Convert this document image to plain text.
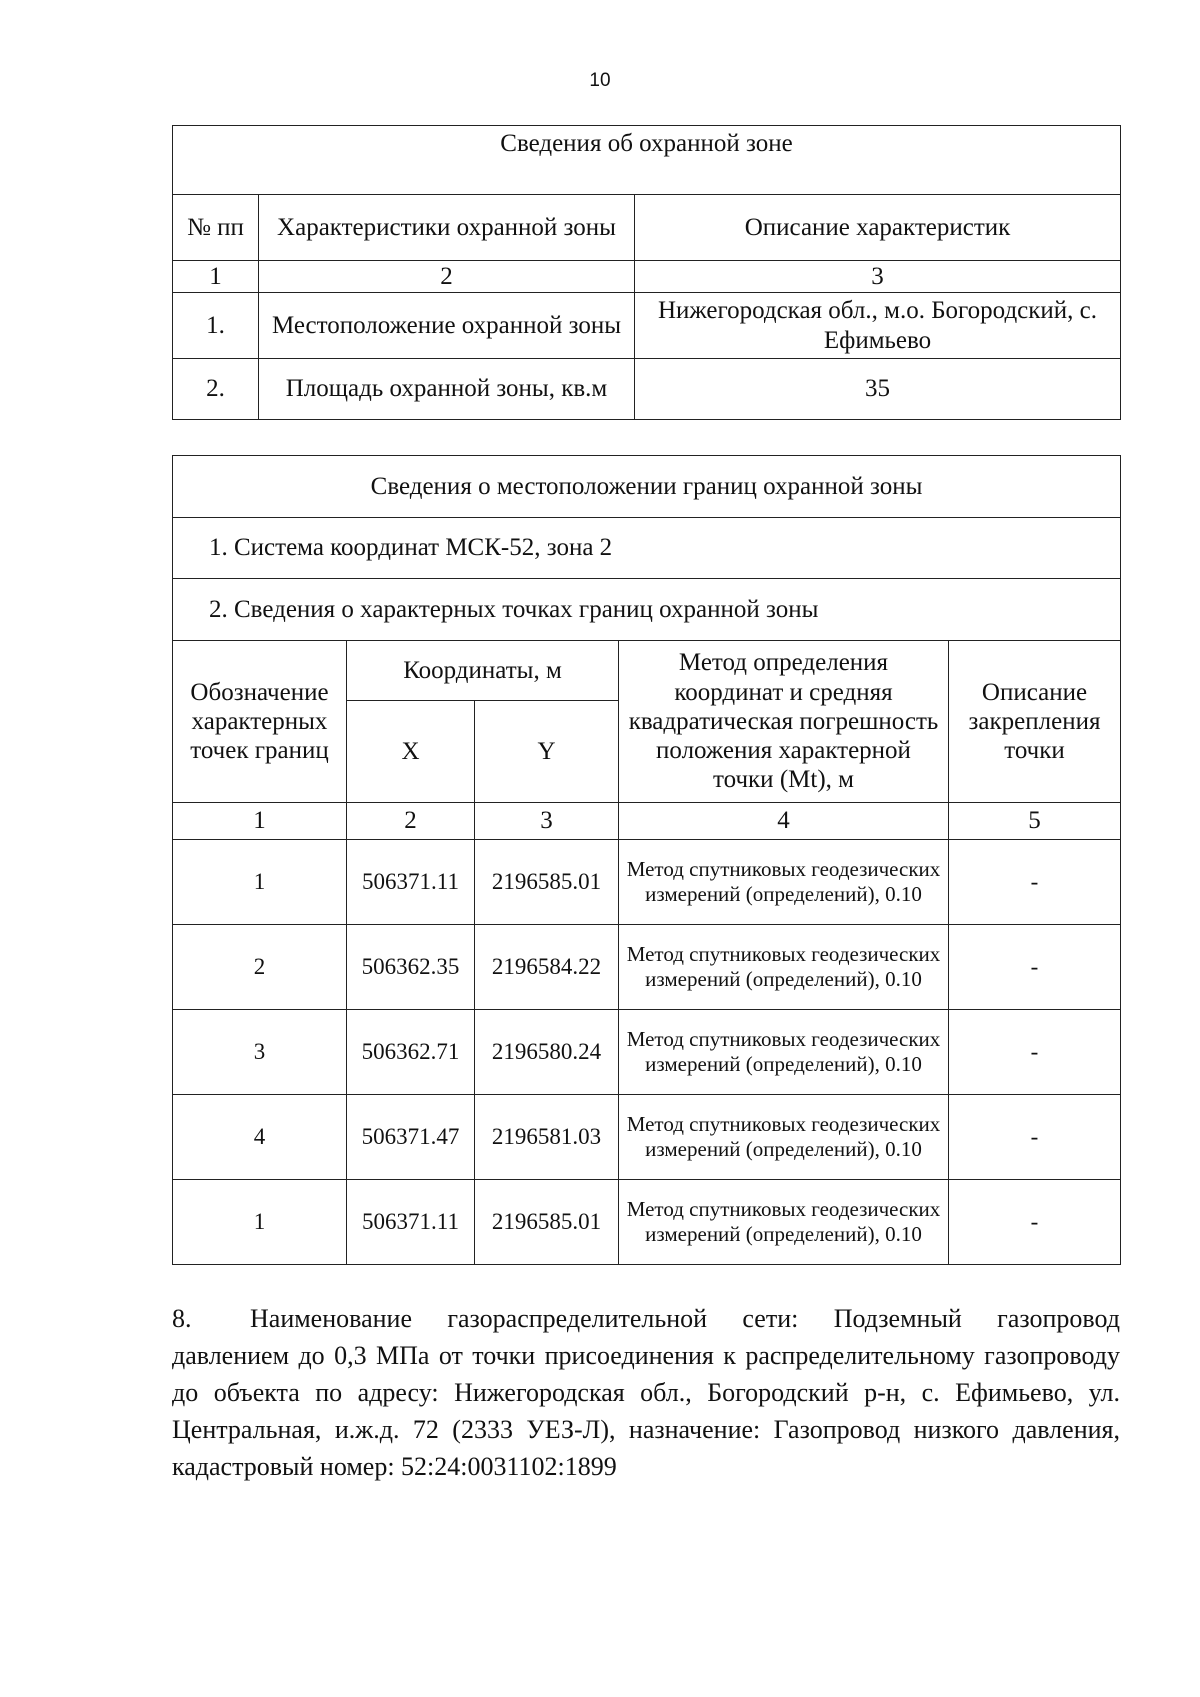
10
Сведения об охранной зоне		
№ пп	Характеристики охранной зоны	Описание характеристик
1	2	3
1.	Местоположение охранной зоны	Нижегородская обл., м.о. Богородский, с. Ефимьево
2.	Площадь охранной зоны, кв.м	35
Сведения о местоположении границ охранной зоны				
1. Система координат МСК-52, зона 2				
2. Сведения о характерных точках границ охранной зоны				
Обозначение характерных точек границ	Координаты, м		Метод определения координат и средняя квадратическая погрешность положения характерной точки (Mt), м	Описание закрепления точки
	X	Y		
1	2	3	4	5
1	506371.11	2196585.01	Метод спутниковых геодезических измерений (определений), 0.10	-
2	506362.35	2196584.22	Метод спутниковых геодезических измерений (определений), 0.10	-
3	506362.71	2196580.24	Метод спутниковых геодезических измерений (определений), 0.10	-
4	506371.47	2196581.03	Метод спутниковых геодезических измерений (определений), 0.10	-
1	506371.11	2196585.01	Метод спутниковых геодезических измерений (определений), 0.10	-
8. Наименование газораспределительной сети: Подземный газопровод давлением до 0,3 МПа от точки присоединения к распределительному газопроводу до объекта по адресу: Нижегородская обл., Богородский р-н, с. Ефимьево, ул. Центральная, и.ж.д. 72 (2333 УЕЗ-Л), назначение: Газопровод низкого давления, кадастровый номер: 52:24:0031102:1899
